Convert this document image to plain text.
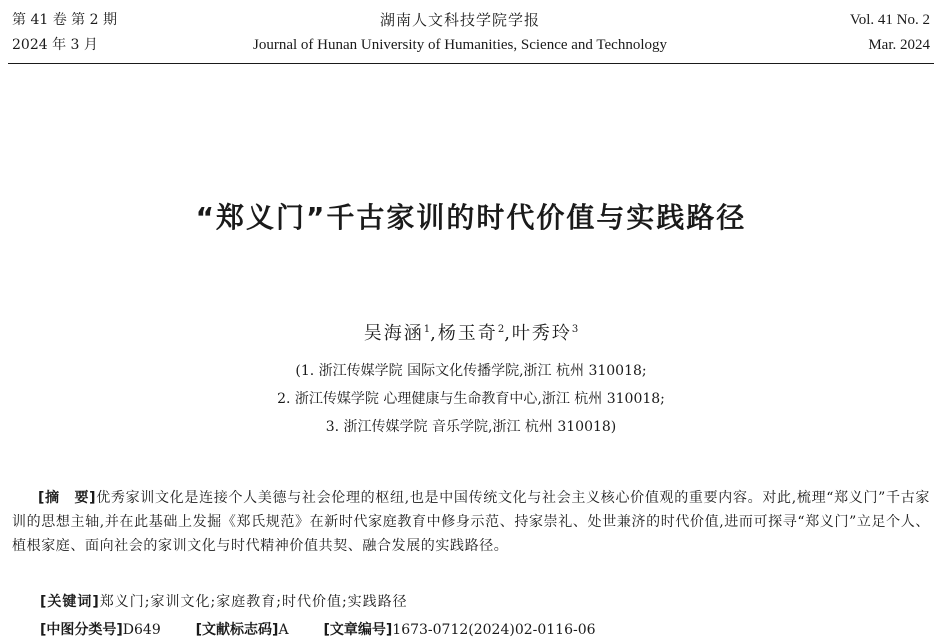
第 41 卷 第 2 期
2024 年 3 月
湖南人文科技学院学报
Journal of Hunan University of Humanities, Science and Technology
Vol. 41 No. 2
Mar. 2024
“郑义门”千古家训的时代价值与实践路径
吴海涵$^1$,杨玉奇$^2$,叶秀玲$^3$
(1. 浙江传媒学院 国际文化传播学院,浙江 杭州 310018;
2. 浙江传媒学院 心理健康与生命教育中心,浙江 杭州 310018;
3. 浙江传媒学院 音乐学院,浙江 杭州 310018)
[摘　要]优秀家训文化是连接个人美德与社会伦理的枢纽,也是中国传统文化与社会主义核心价值观的重要内容。对此,梳理“郑义门”千古家训的思想主轴,并在此基础上发掘《郑氏规范》在新时代家庭教育中修身示范、持家崇礼、处世兼济的时代价值,进而可探寻“郑义门”立足个人、植根家庭、面向社会的家训文化与时代精神价值共契、融合发展的实践路径。
[关键词]郑义门;家训文化;家庭教育;时代价值;实践路径
[中图分类号]D649 [文献标志码]A [文章编号]1673-0712(2024)02-0116-06
